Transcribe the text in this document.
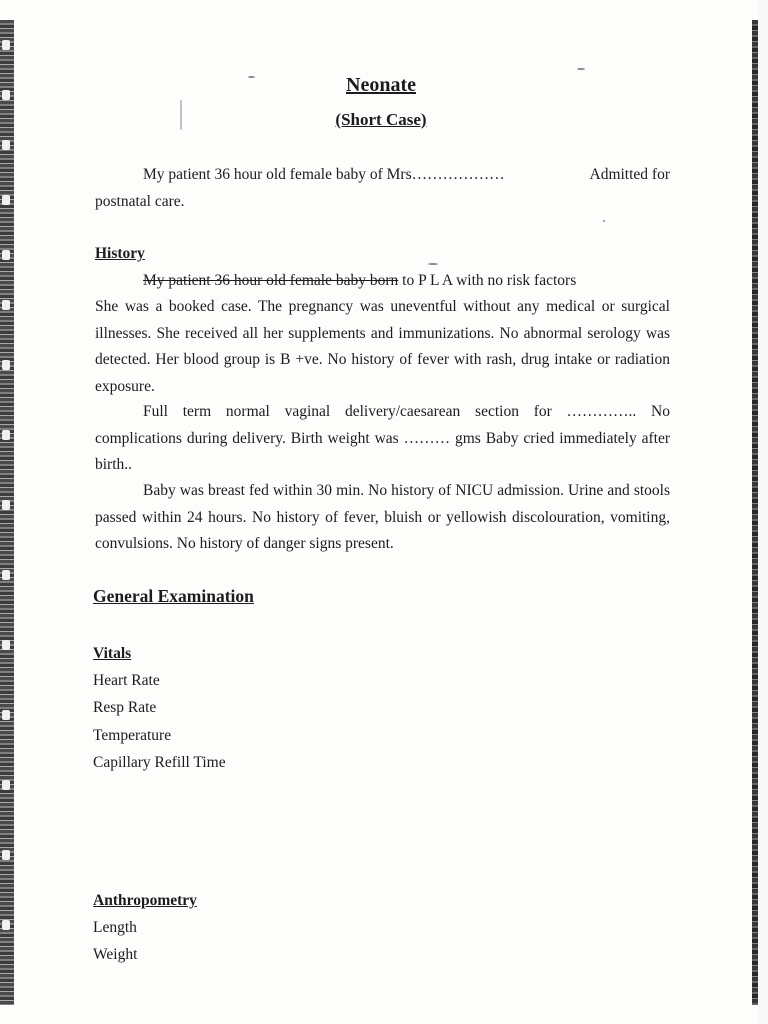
Neonate
(Short Case)
My patient 36 hour old female baby of Mrs………………	Admitted for
postnatal care.
History
My patient 36 hour old female baby born to P L A with no risk factors
She was a booked case. The pregnancy was uneventful without any medical or surgical illnesses. She received all her supplements and immunizations. No abnormal serology was detected. Her blood group is B +ve. No history of fever with rash, drug intake or radiation exposure.
Full term normal vaginal delivery/caesarean section for ………….. No complications during delivery. Birth weight was ……… gms Baby cried immediately after birth..
Baby was breast fed within 30 min. No history of NICU admission. Urine and stools passed within 24 hours. No history of fever, bluish or yellowish discolouration, vomiting, convulsions. No history of danger signs present.
General Examination
Vitals
Heart Rate
Resp Rate
Temperature
Capillary Refill Time
Anthropometry
Length
Weight
